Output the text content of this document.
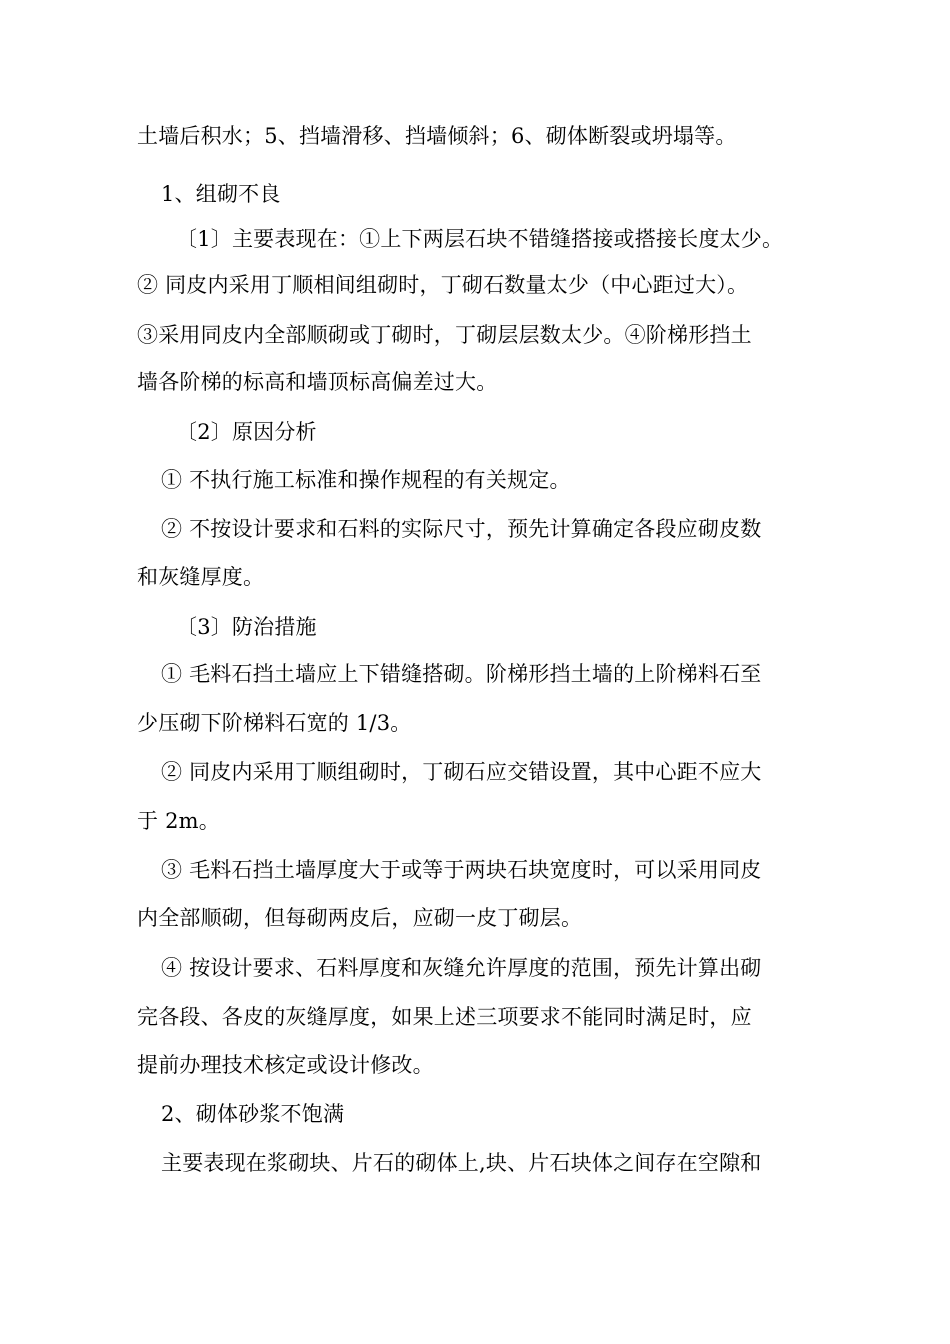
土墙后积水；5、挡墙滑移、挡墙倾斜；6、砌体断裂或坍塌等。
1、组砌不良
〔1〕主要表现在：①上下两层石块不错缝搭接或搭接长度太少。
② 同皮内采用丁顺相间组砌时，丁砌石数量太少（中心距过大）。
③采用同皮内全部顺砌或丁砌时，丁砌层层数太少。④阶梯形挡土
墙各阶梯的标高和墙顶标高偏差过大。
〔2〕原因分析
① 不执行施工标准和操作规程的有关规定。
② 不按设计要求和石料的实际尺寸，预先计算确定各段应砌皮数
和灰缝厚度。
〔3〕防治措施
① 毛料石挡土墙应上下错缝搭砌。阶梯形挡土墙的上阶梯料石至
少压砌下阶梯料石宽的 1/3。
② 同皮内采用丁顺组砌时，丁砌石应交错设置，其中心距不应大
于 2m。
③ 毛料石挡土墙厚度大于或等于两块石块宽度时，可以采用同皮
内全部顺砌，但每砌两皮后，应砌一皮丁砌层。
④ 按设计要求、石料厚度和灰缝允许厚度的范围，预先计算出砌
完各段、各皮的灰缝厚度，如果上述三项要求不能同时满足时，应
提前办理技术核定或设计修改。
2、砌体砂浆不饱满
主要表现在浆砌块、片石的砌体上,块、片石块体之间存在空隙和
